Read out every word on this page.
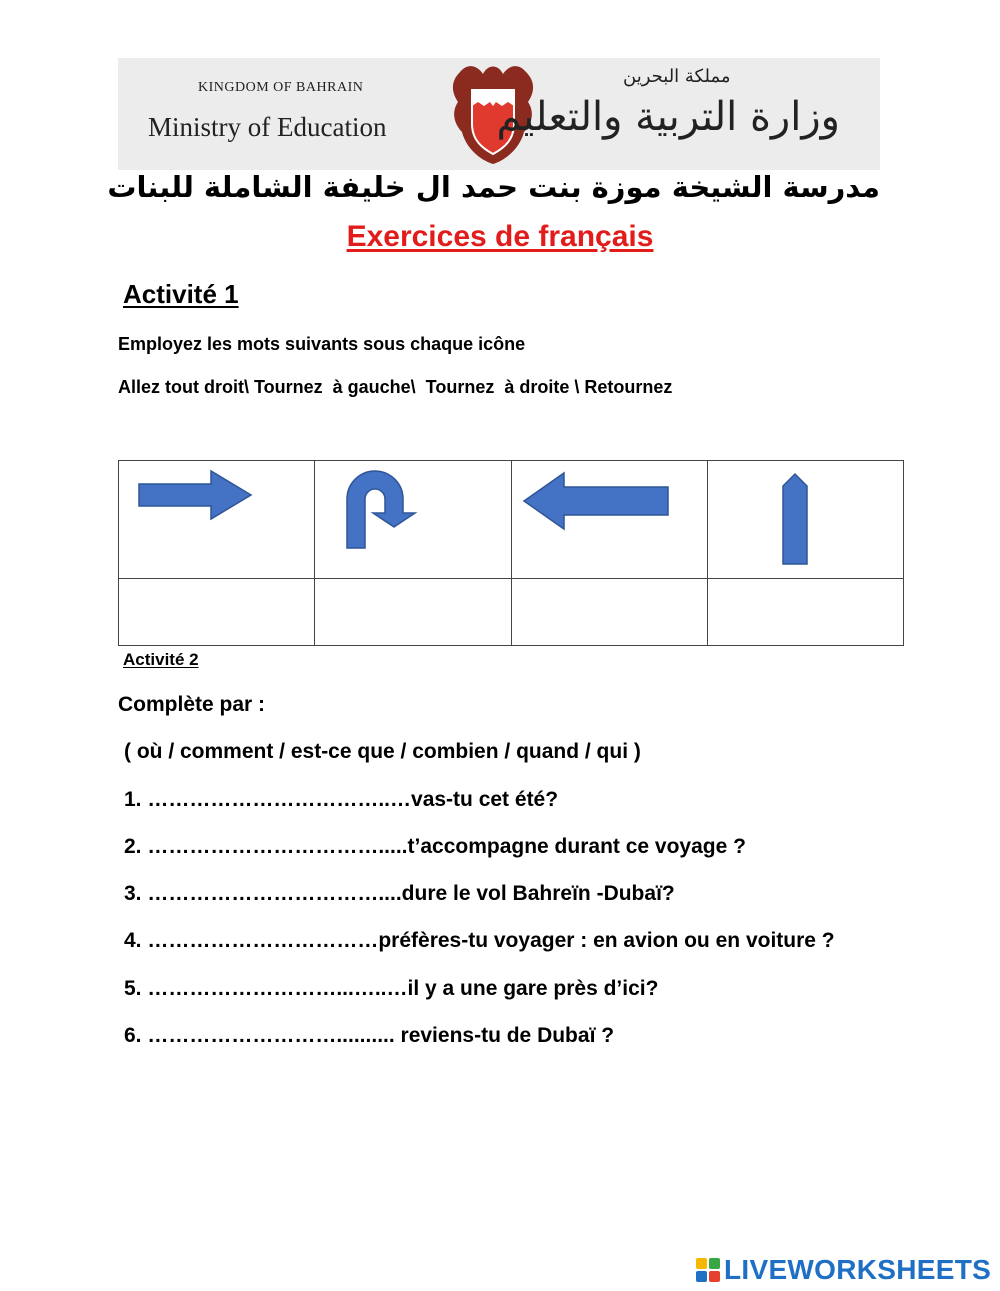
KINGDOM OF BAHRAIN
Ministry of Education
مملكة البحرين
وزارة التربية والتعليم
مدرسة الشيخة موزة بنت حمد ال خليفة الشاملة للبنات
Exercices de français
Activité 1
Employez les mots suivants sous chaque icône
Allez tout droit\ Tournez  à gauche\  Tournez  à droite \ Retournez

Activité 2
Complète par :
( où / comment / est-ce que / combien / quand / qui )
1. ……………………………..…vas-tu cet été?
2. …………………………….....t’accompagne durant ce voyage ?
3. ……………………………....dure le vol Bahreïn -Dubaï?
4. ……………………………préfères-tu voyager : en avion ou en voiture ?
5. ………………………...…..…il y a une gare près d’ici?
6. ……………………….......... reviens-tu de Dubaï ?
LIVEWORKSHEETS
